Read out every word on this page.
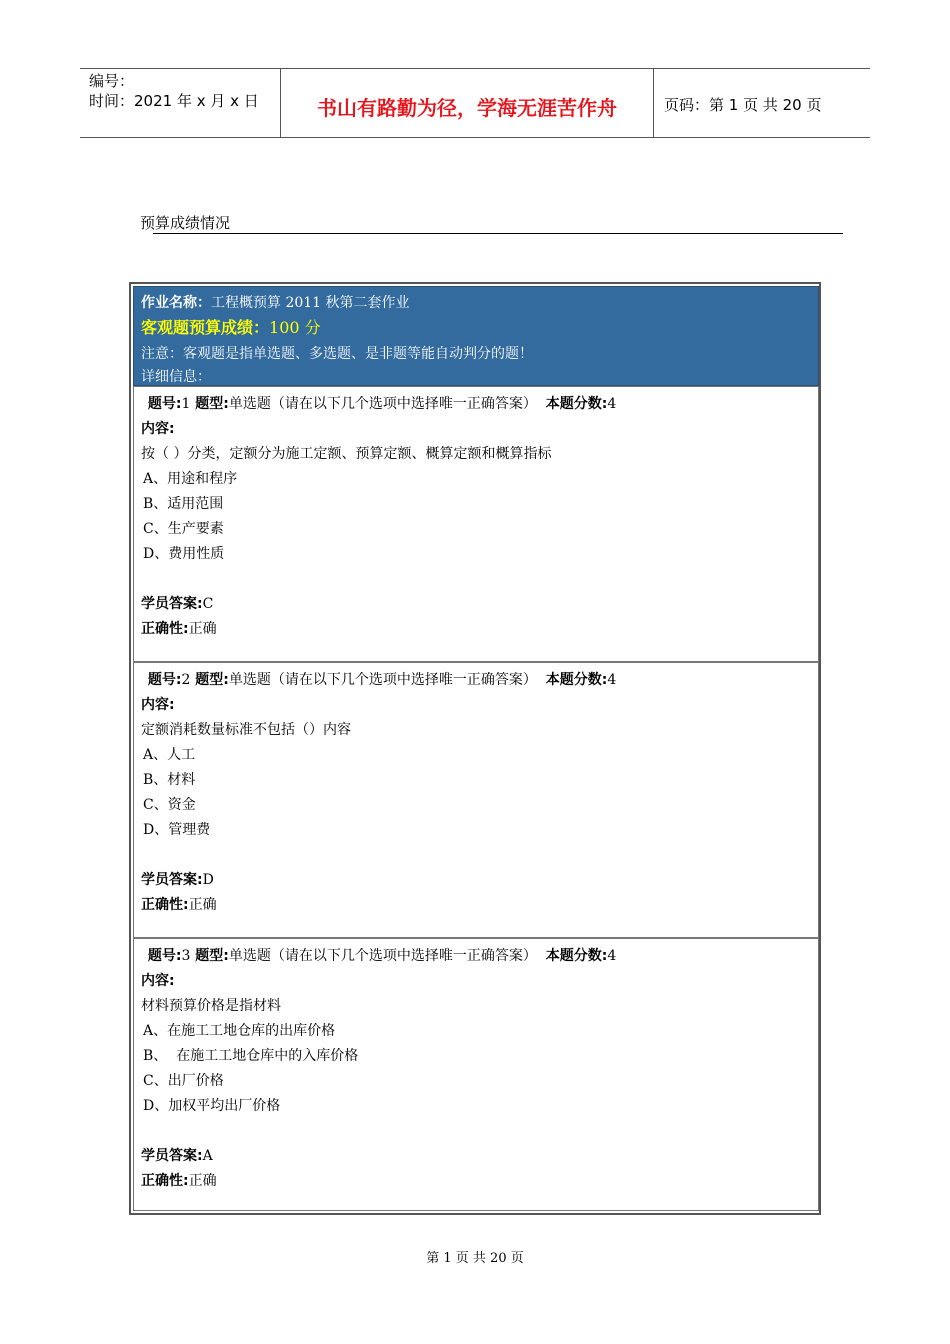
编号：
时间：2021 年 x 月 x 日	书山有路勤为径，学海无涯苦作舟	页码：第 1 页 共 20 页
预算成绩情况
作业名称：工程概预算 2011 秋第二套作业
客观题预算成绩：100 分
注意：客观题是指单选题、多选题、是非题等能自动判分的题！
详细信息：
题号:1 题型:单选题（请在以下几个选项中选择唯一正确答案） 本题分数:4
内容:
按（ ）分类，定额分为施工定额、预算定额、概算定额和概算指标
A、用途和程序
B、适用范围
C、生产要素
D、费用性质
学员答案:C
正确性:正确
题号:2 题型:单选题（请在以下几个选项中选择唯一正确答案） 本题分数:4
内容:
定额消耗数量标准不包括（）内容
A、人工
B、材料
C、资金
D、管理费
学员答案:D
正确性:正确
题号:3 题型:单选题（请在以下几个选项中选择唯一正确答案） 本题分数:4
内容:
材料预算价格是指材料
A、在施工工地仓库的出库价格
B、  在施工工地仓库中的入库价格
C、出厂价格
D、加权平均出厂价格
学员答案:A
正确性:正确
第 1 页 共 20 页
